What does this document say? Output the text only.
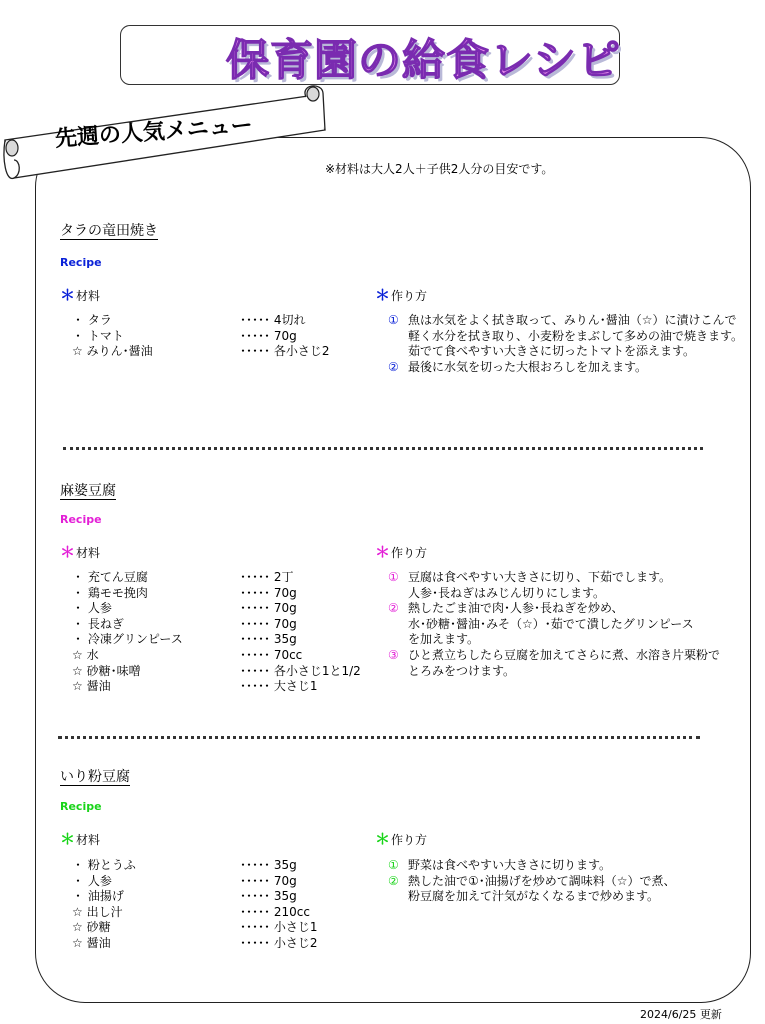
保育園の給食レシピ
先週の人気メニュー
※材料は大人2人＋子供2人分の目安です。
タラの竜田焼き
Recipe
＊材料	＊作り方
・ タラ	･････ 4切れ
・ トマト	･････ 70g
☆ みりん･醤油	･････ 各小さじ2
① 魚は水気をよく拭き取って、みりん･醤油（☆）に漬けこんで
軽く水分を拭き取り、小麦粉をまぶして多めの油で焼きます。
茹でて食べやすい大きさに切ったトマトを添えます。
② 最後に水気を切った大根おろしを加えます。
麻婆豆腐
Recipe
＊材料	＊作り方
・ 充てん豆腐	･････ 2丁
・ 鶏モモ挽肉	･････ 70g
・ 人参	･････ 70g
・ 長ねぎ	･････ 70g
・ 冷凍グリンピース	･････ 35g
☆ 水	･････ 70cc
☆ 砂糖･味噌	･････ 各小さじ1と1/2
☆ 醤油	･････ 大さじ1
① 豆腐は食べやすい大きさに切り、下茹でします。
人参･長ねぎはみじん切りにします。
② 熱したごま油で肉･人参･長ねぎを炒め、
水･砂糖･醤油･みそ（☆）･茹でて潰したグリンピース
を加えます。
③ ひと煮立ちしたら豆腐を加えてさらに煮、水溶き片栗粉で
とろみをつけます。
いり粉豆腐
Recipe
＊材料	＊作り方
・ 粉とうふ	･････ 35g
・ 人参	･････ 70g
・ 油揚げ	･････ 35g
☆ 出し汁	･････ 210cc
☆ 砂糖	･････ 小さじ1
☆ 醤油	･････ 小さじ2
① 野菜は食べやすい大きさに切ります。
② 熱した油で①･油揚げを炒めて調味料（☆）で煮、
粉豆腐を加えて汁気がなくなるまで炒めます。
2024/6/25 更新
